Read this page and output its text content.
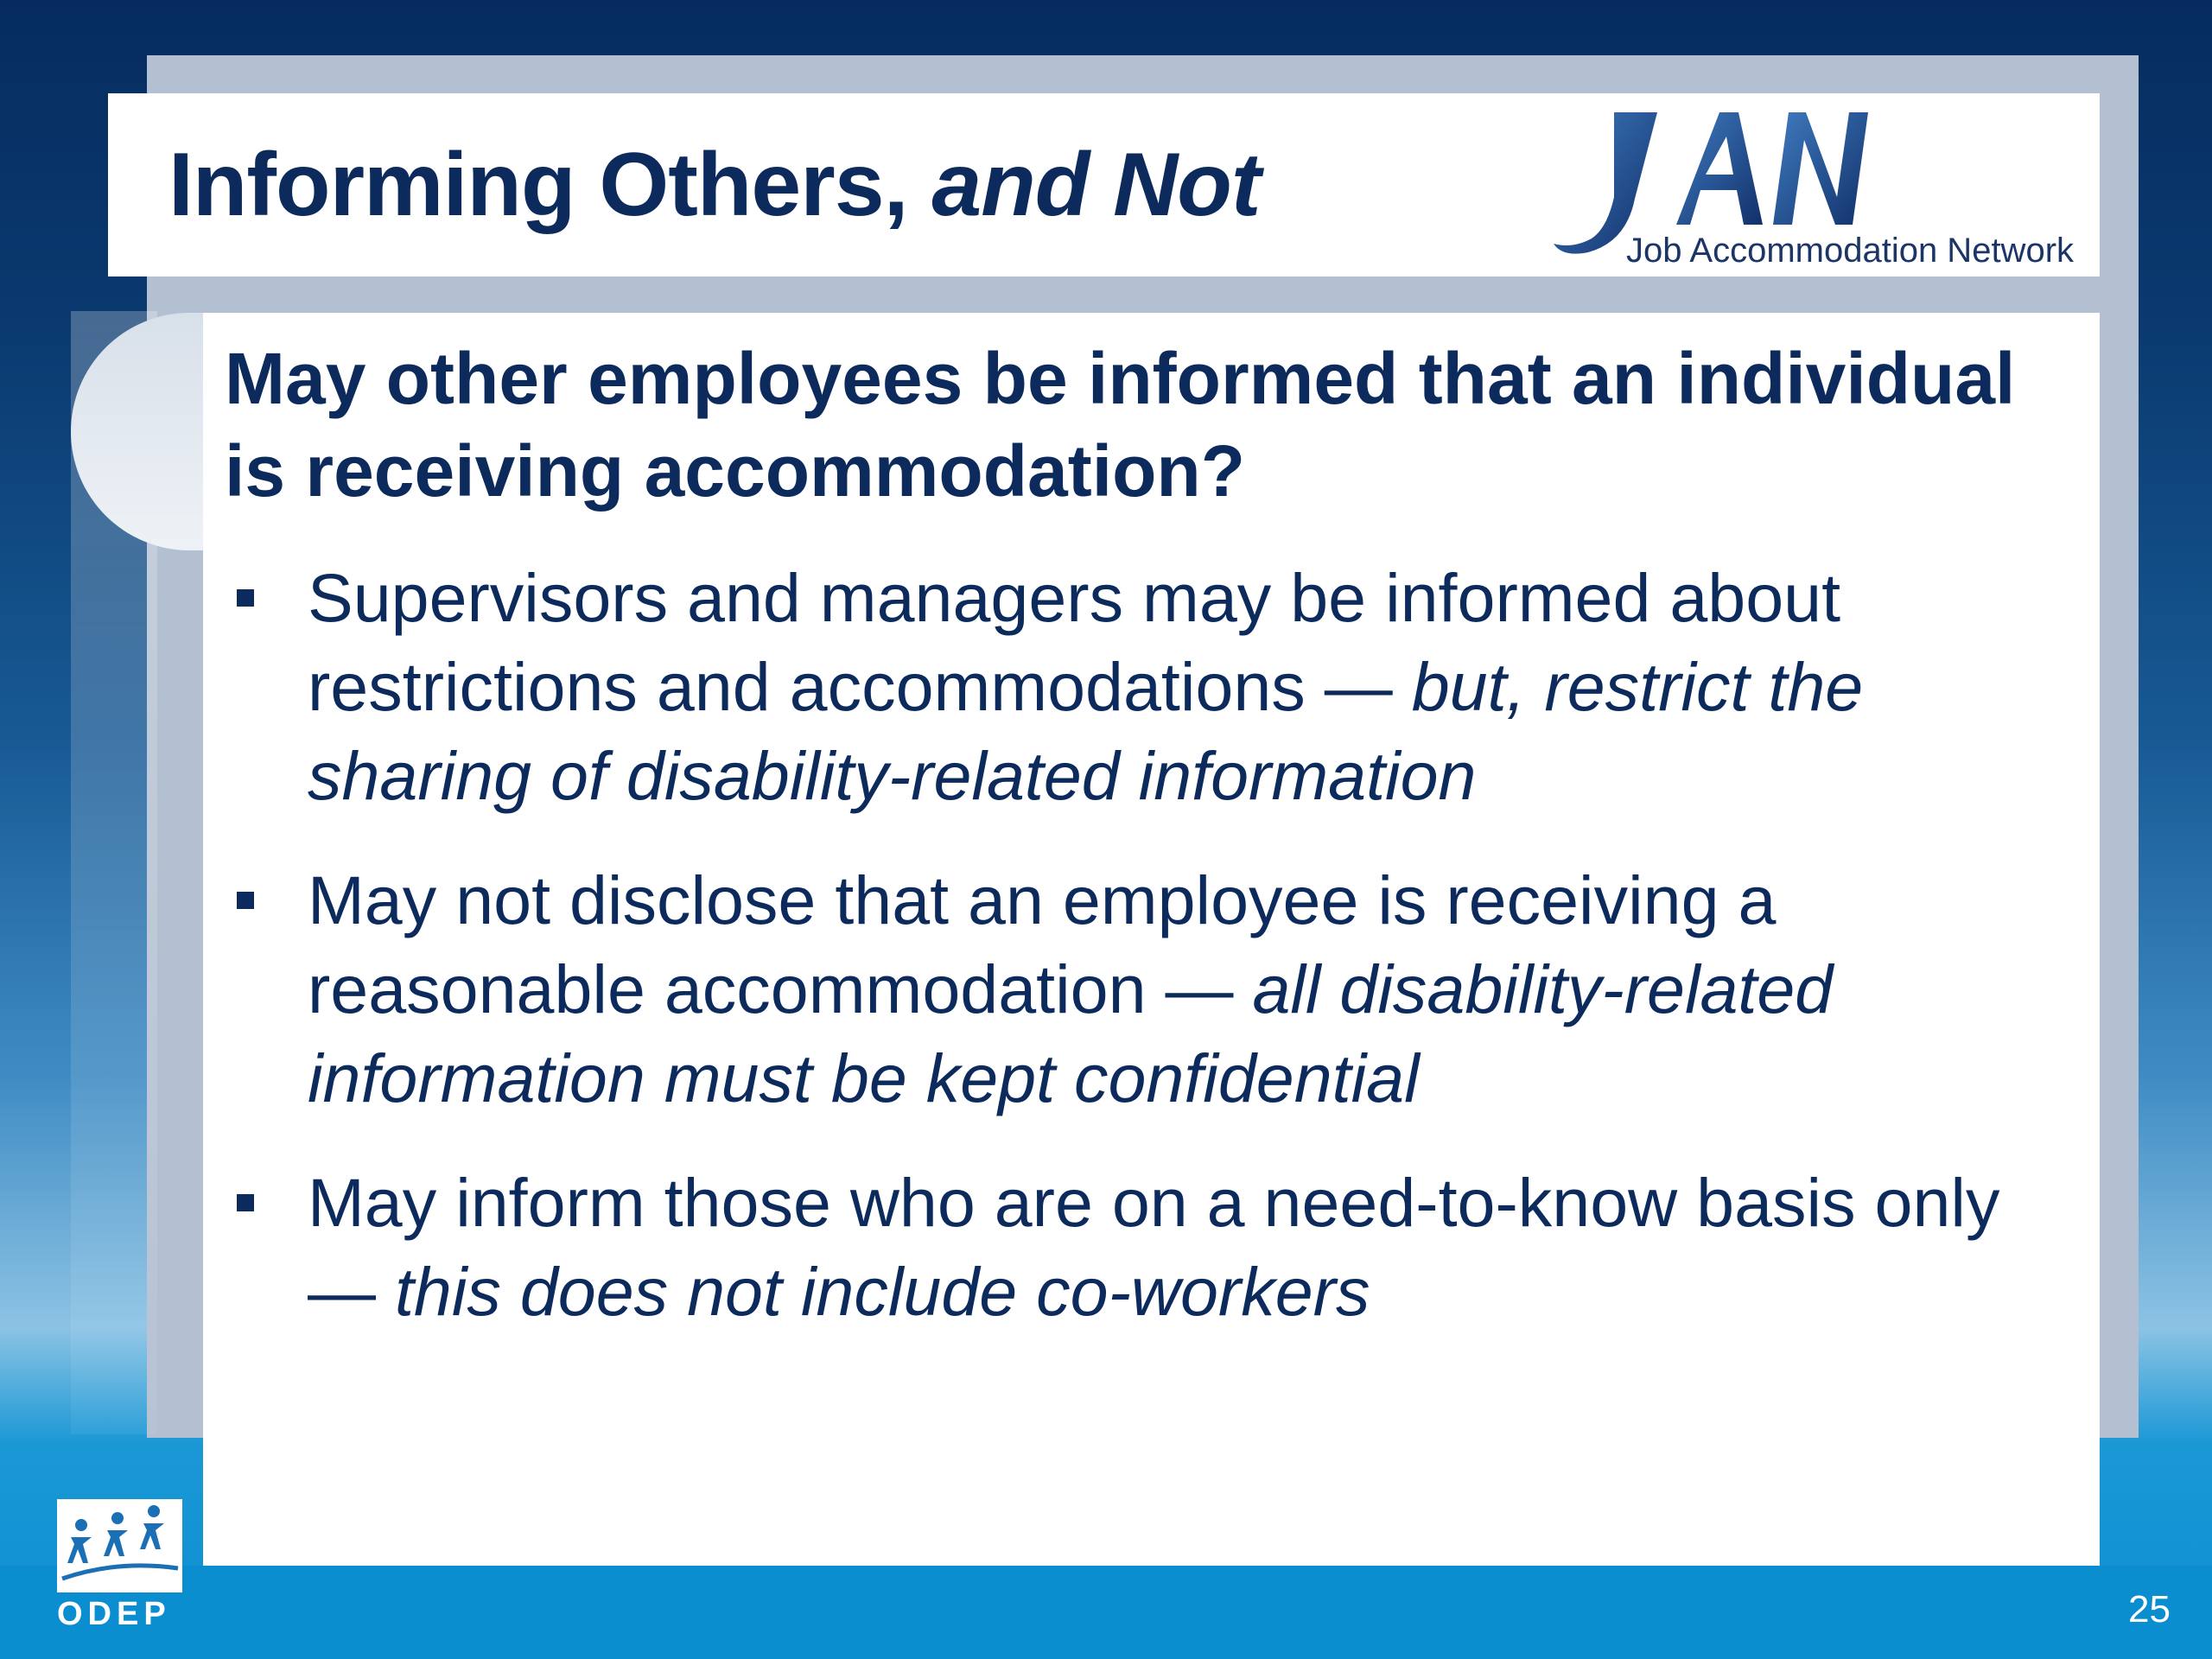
Informing Others, and Not
Job Accommodation Network
May other employees be informed that an individual is receiving accommodation?
Supervisors and managers may be informed about restrictions and accommodations — but, restrict the sharing of disability-related information
May not disclose that an employee is receiving a reasonable accommodation — all disability-related information must be kept confidential
May inform those who are on a need-to-know basis only — this does not include co-workers
ODEP	25
